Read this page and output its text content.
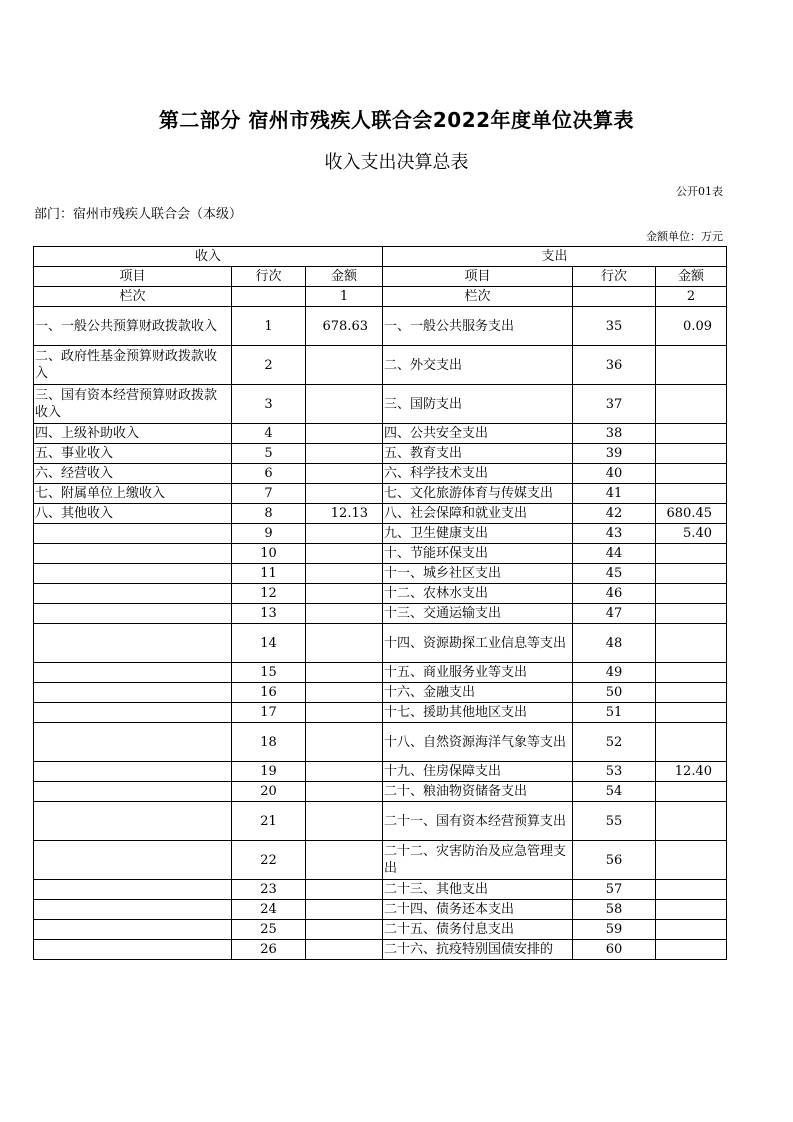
第二部分 宿州市残疾人联合会2022年度单位决算表
收入支出决算总表
公开01表
部门：宿州市残疾人联合会（本级）
金额单位：万元
收入			支出		
项目	行次	金额	项目	行次	金额
栏次		1	栏次		2
一、一般公共预算财政拨款收入	1	678.63	一、一般公共服务支出	35	0.09
二、政府性基金预算财政拨款收入	2		二、外交支出	36	
三、国有资本经营预算财政拨款收入	3		三、国防支出	37	
四、上级补助收入	4		四、公共安全支出	38	
五、事业收入	5		五、教育支出	39	
六、经营收入	6		六、科学技术支出	40	
七、附属单位上缴收入	7		七、文化旅游体育与传媒支出	41	
八、其他收入	8	12.13	八、社会保障和就业支出	42	680.45
	9		九、卫生健康支出	43	5.40
	10		十、节能环保支出	44	
	11		十一、城乡社区支出	45	
	12		十二、农林水支出	46	
	13		十三、交通运输支出	47	
	14		十四、资源勘探工业信息等支出	48	
	15		十五、商业服务业等支出	49	
	16		十六、金融支出	50	
	17		十七、援助其他地区支出	51	
	18		十八、自然资源海洋气象等支出	52	
	19		十九、住房保障支出	53	12.40
	20		二十、粮油物资储备支出	54	
	21		二十一、国有资本经营预算支出	55	
	22		二十二、灾害防治及应急管理支出	56	
	23		二十三、其他支出	57	
	24		二十四、债务还本支出	58	
	25		二十五、债务付息支出	59	
	26		二十六、抗疫特别国债安排的	60	
